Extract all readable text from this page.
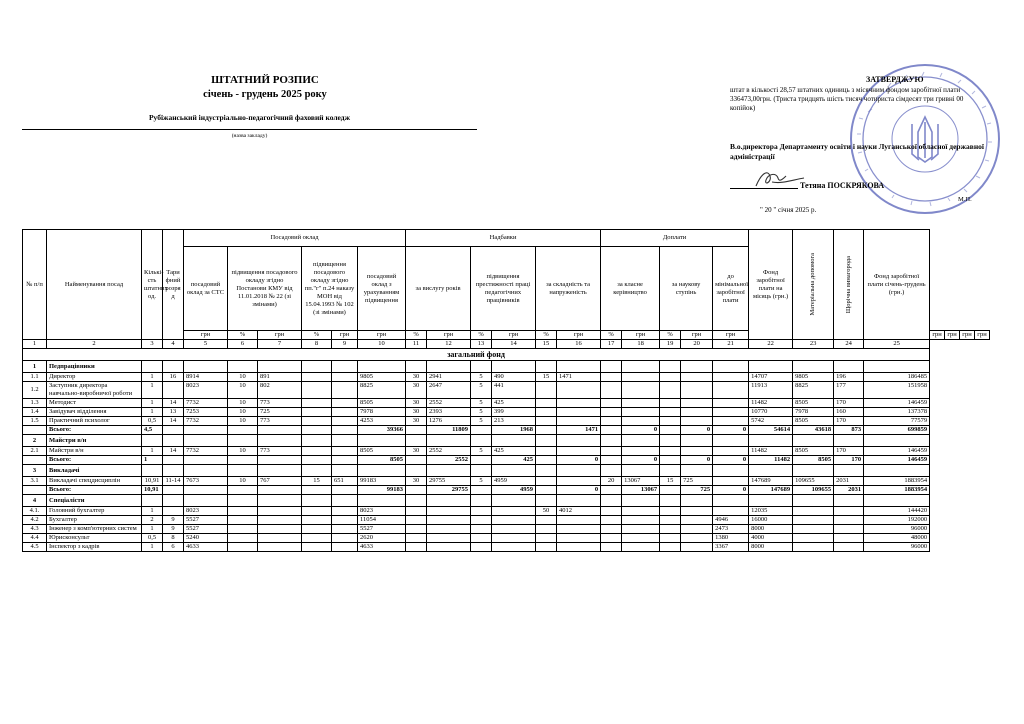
ШТАТНИЙ РОЗПИС
січень - грудень 2025 року
Рубіжанський індустріально-педагогічний фаховий коледж
(назва закладу)
ЗАТВЕРДЖУЮ
штат в кількості 28,57 штатних одиниць з місячним фондом заробітної плати 336473,00грн. (Триста тридцять шість тисяч чотириста сімдесят три гривні 00 копійок)
В.о.директора Департаменту освіти і науки Луганської обласної державної адміністрації
Тетяна ПОСКРЯКОВА
М.П.
" 20 " січня 2025 р.
№ п/п	Найменування посад	Кількі-сть штатних од.	Тари фний розря д	Посадовий оклад						Надбавки						Доплати					Фонд заробітної плати на місяць (грн.)	Матеріальна допомога	Щорічна винагорода	Фонд заробітної плати січень-грудень (грн.)				
				посадовий оклад за СТС	підвищення посадового окладу згідно Постанови КМУ від 11.01.2018 № 22 (зі змінами)		підвищення посадового окладу згідно пп."г" п.24 наказу МОН від 15.04.1993 № 102 (зі змінами)		посадовий оклад з урахуванням підвищення	за вислугу років		підвищення престижності праці педагогічних працівників		за складність та напруженість		за класне керівництво		за наукову ступінь		до мінімальної заробітної плати								
				грн	%	грн	%	грн	грн	%	грн	%	грн	%	грн	%	грн	%	грн	грн					грн	грн	грн	грн
1	2	3	4	5	6	7	8	9	10	11	12	13	14	15	16	17	18	19	20	21	22	23	24	25				
загальний фонд																												
1	Педпрацівники																											
1.1	Директор	1	16	8914	10	891			9805	30	2941	5	490	15	1471						14707	9805	196	186485				
1.2	Заступник директора навчально-виробничої роботи	1		8023	10	802			8825	30	2647	5	441								11913	8825	177	151958				
1.3	Методист	1	14	7732	10	773			8505	30	2552	5	425								11482	8505	170	146459				
1.4	Завідувач відділення	1	13	7253	10	725			7978	30	2393	5	399								10770	7978	160	137378				
1.5	Практичний психолог	0,5	14	7732	10	773			4253	30	1276	5	213								5742	8505	170	77579				
	Всього:	4,5							39366		11809		1968		1471		0		0	0	54614	43618	873	699859				
2	Майстри в/н																											
2.1	Майстри в/н	1	14	7732	10	773			8505	30	2552	5	425								11482	8505	170	146459				
	Всього:	1							8505		2552		425		0		0		0	0	11482	8505	170	146459				
3	Викладачі																											
3.1	Викладачі спецдисциплін	10,91	11-14	7673	10	767	15	651	99183	30	29755	5	4959			20	13067	15	725		147689	109655	2031	1883954				
	Всього:	10,91							99183		29755		4959		0		13067		725	0	147689	109655	2031	1883954				
4	Спеціалісти																											
4.1.	Головний бухгалтер	1		8023					8023					50	4012						12035			144420				
4.2	Бухгалтер	2	9	5527					11054											4946	16000			192000				
4.3	Інженер з комп'ютерних систем	1	9	5527					5527											2473	8000			96000				
4.4	Юрисконсульт	0,5	8	5240					2620											1380	4000			48000				
4.5	Інспектор з кадрів	1	6	4633					4633											3367	8000			96000				
